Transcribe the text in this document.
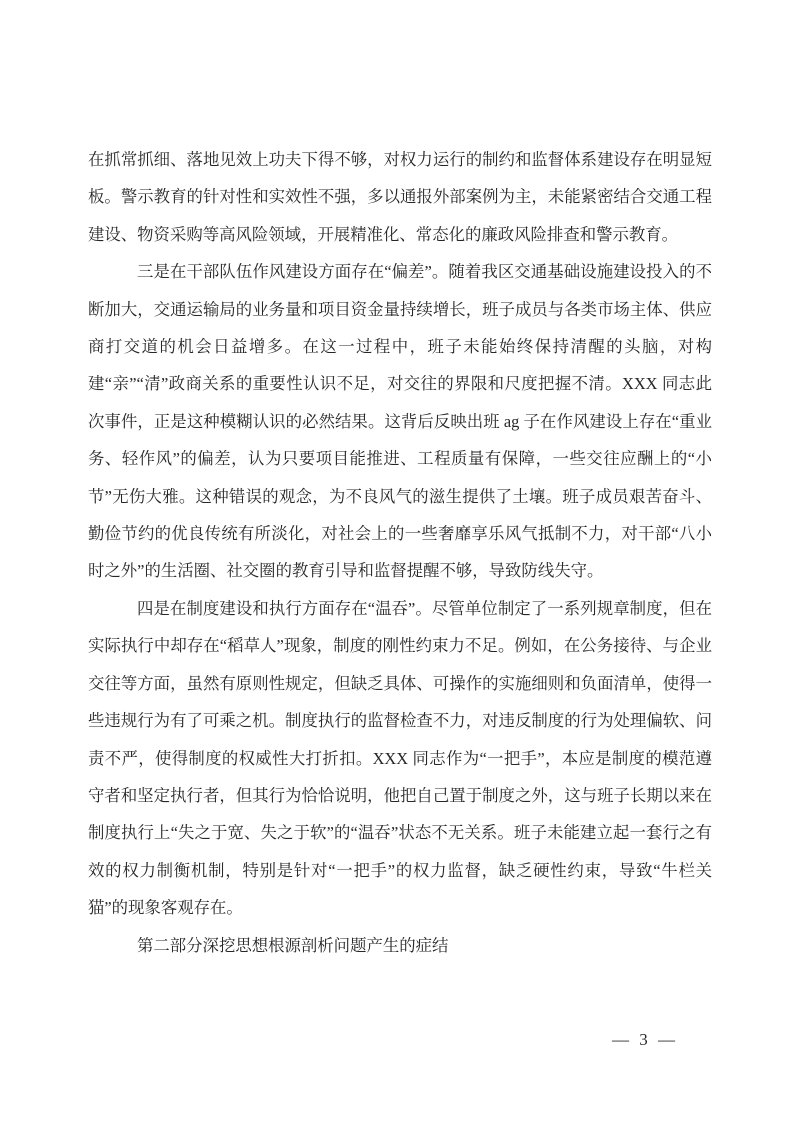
在抓常抓细、落地见效上功夫下得不够，对权力运行的制约和监督体系建设存在明显短板。警示教育的针对性和实效性不强，多以通报外部案例为主，未能紧密结合交通工程建设、物资采购等高风险领域，开展精准化、常态化的廉政风险排查和警示教育。

三是在干部队伍作风建设方面存在“偏差”。随着我区交通基础设施建设投入的不断加大，交通运输局的业务量和项目资金量持续增长，班子成员与各类市场主体、供应商打交道的机会日益增多。在这一过程中，班子未能始终保持清醒的头脑，对构建“亲”“清”政商关系的重要性认识不足，对交往的界限和尺度把握不清。XXX 同志此次事件，正是这种模糊认识的必然结果。这背后反映出班 ag 子在作风建设上存在“重业务、轻作风”的偏差，认为只要项目能推进、工程质量有保障，一些交往应酬上的“小节”无伤大雅。这种错误的观念，为不良风气的滋生提供了土壤。班子成员艰苦奋斗、勤俭节约的优良传统有所淡化，对社会上的一些奢靡享乐风气抵制不力，对干部“八小时之外”的生活圈、社交圈的教育引导和监督提醒不够，导致防线失守。

四是在制度建设和执行方面存在“温吞”。尽管单位制定了一系列规章制度，但在实际执行中却存在“稻草人”现象，制度的刚性约束力不足。例如，在公务接待、与企业交往等方面，虽然有原则性规定，但缺乏具体、可操作的实施细则和负面清单，使得一些违规行为有了可乘之机。制度执行的监督检查不力，对违反制度的行为处理偏软、问责不严，使得制度的权威性大打折扣。XXX 同志作为“一把手”，本应是制度的模范遵守者和坚定执行者，但其行为恰恰说明，他把自己置于制度之外，这与班子长期以来在制度执行上“失之于宽、失之于软”的“温吞”状态不无关系。班子未能建立起一套行之有效的权力制衡机制，特别是针对“一把手”的权力监督，缺乏硬性约束，导致“牛栏关猫”的现象客观存在。

第二部分深挖思想根源剖析问题产生的症结

— 3 —
